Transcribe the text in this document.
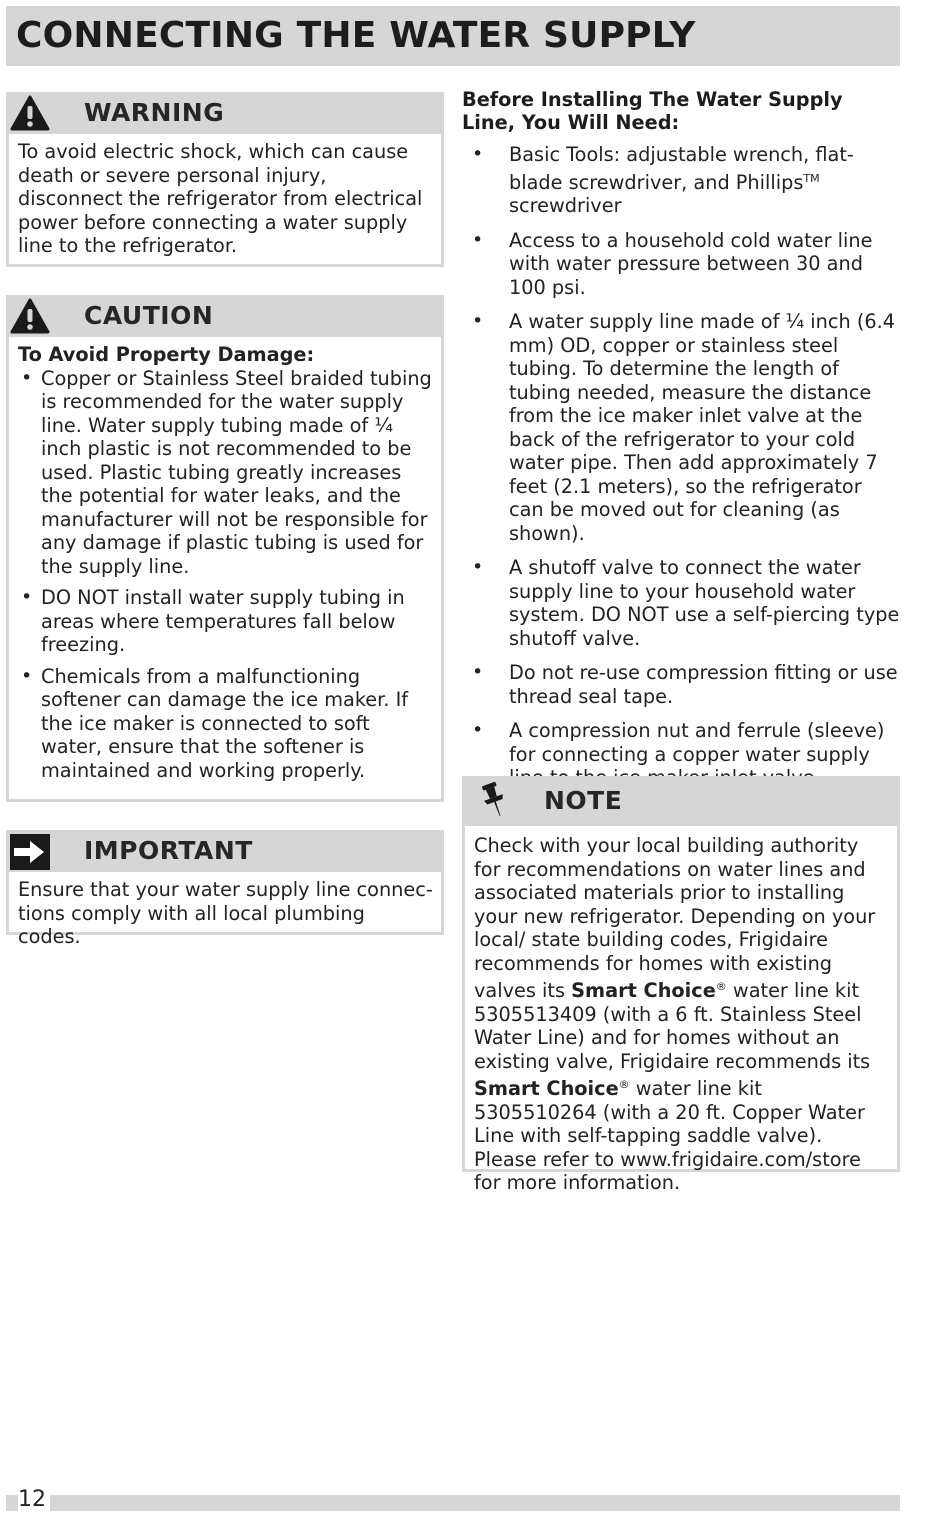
CONNECTING THE WATER SUPPLY
WARNING

To avoid electric shock, which can cause death or severe personal injury, disconnect the refrigerator from electrical power before connecting a water supply line to the refrigerator.

CAUTION

To Avoid Property Damage:

• Copper or Stainless Steel braided tubing is recommended for the water supply line. Water supply tubing made of ¼ inch plastic is not recommended to be used. Plastic tubing greatly increases the potential for water leaks, and the manufacturer will not be responsible for any damage if plastic tubing is used for the supply line.
• DO NOT install water supply tubing in areas where temperatures fall below freezing.
• Chemicals from a malfunctioning softener can damage the ice maker. If the ice maker is connected to soft water, ensure that the softener is maintained and working properly.
IMPORTANT

Ensure that your water supply line connec-tions comply with all local plumbing codes.

Before Installing The Water Supply Line, You Will Need:
• Basic Tools: adjustable wrench, flat-blade screwdriver, and Phillips™ screwdriver
• Access to a household cold water line with water pressure between 30 and 100 psi.
• A water supply line made of ¼ inch (6.4 mm) OD, copper or stainless steel tubing. To determine the length of tubing needed, measure the distance from the ice maker inlet valve at the back of the refrigerator to your cold water pipe. Then add approximately 7 feet (2.1 meters), so the refrigerator can be moved out for cleaning (as shown).
• A shutoff valve to connect the water supply line to your household water system. DO NOT use a self-piercing type shutoff valve.
• Do not re-use compression fitting or use thread seal tape.
• A compression nut and ferrule (sleeve) for connecting a copper water supply
NOTE

Check with your local building authority for recommendations on water lines and associated materials prior to installing your new refrigerator. Depending on your local/ state building codes, Frigidaire recommends for homes with existing valves its Smart Choice® water line kit 5305513409 (with a 6 ft. Stainless Steel Water Line) and for homes without an existing valve, Frigidaire recommends its Smart Choice® water line kit 5305510264 (with a 20 ft. Copper Water Line with self-tapping saddle valve). Please refer to www.frigidaire.com/store for more information.

12
